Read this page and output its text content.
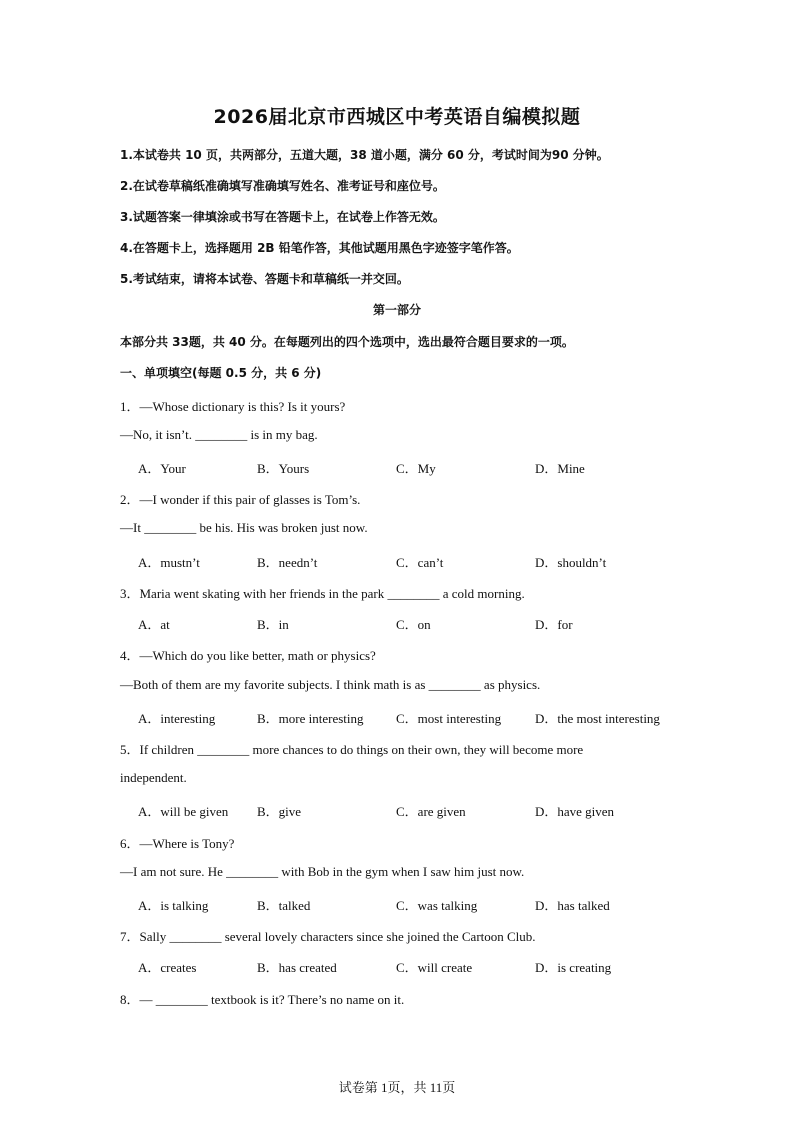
2026届北京市西城区中考英语自编模拟题
1.本试卷共 10 页，共两部分，五道大题，38 道小题，满分 60 分，考试时间为90 分钟。
2.在试卷草稿纸准确填写准确填写姓名、准考证号和座位号。
3.试题答案一律填涂或书写在答题卡上，在试卷上作答无效。
4.在答题卡上，选择题用 2B 铅笔作答，其他试题用黑色字迹签字笔作答。
5.考试结束，请将本试卷、答题卡和草稿纸一并交回。
第一部分
本部分共 33题，共 40 分。在每题列出的四个选项中，选出最符合题目要求的一项。
一、单项填空(每题 0.5 分，共 6 分)
1．—Whose dictionary is this? Is it yours?
—No, it isn’t. ________ is in my bag.
A．Your	B．Yours	C．My	D．Mine
2．—I wonder if this pair of glasses is Tom’s.
—It ________ be his. His was broken just now.
A．mustn’t	B．needn’t	C．can’t	D．shouldn’t
3．Maria went skating with her friends in the park ________ a cold morning.
A．at	B．in	C．on	D．for
4．—Which do you like better, math or physics?
—Both of them are my favorite subjects. I think math is as ________ as physics.
A．interesting	B．more interesting C．most interesting	D．the most interesting
5．If children ________ more chances to do things on their own, they will become more
independent.
A．will be given B．give	C．are given	D．have given
6．—Where is Tony?
—I am not sure. He ________ with Bob in the gym when I saw him just now.
A．is talking	B．talked	C．was talking	D．has talked
7．Sally ________ several lovely characters since she joined the Cartoon Club.
A．creates	B．has created	C．will create	D．is creating
8．— ________ textbook is it? There’s no name on it.
试卷第 1页，共 11页
